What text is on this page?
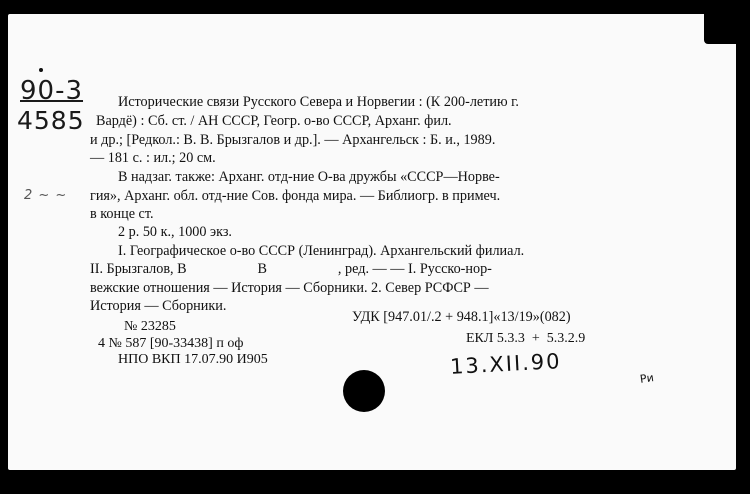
90-3
4585
2 ~ ~
Исторические связи Русского Севера и Норвегии : (К 200-летию г.
Вардё) : Сб. ст. / АН СССР, Геогр. о-во СССР, Арханг. фил.
и др.; [Редкол.: В. В. Брызгалов и др.]. — Архангельск : Б. и., 1989.
— 181 с. : ил.; 20 см.
В надзаг. также: Арханг. отд-ние О-ва дружбы «СССР—Норве-
гия», Арханг. обл. отд-ние Сов. фонда мира. — Библиогр. в примеч.
в конце ст.
2 р. 50 к., 1000 экз.
I. Географическое о-во СССР (Ленинград). Архангельский филиал.
II. Брызгалов, В                    В                    , ред. — — I. Русско-нор-
вежские отношения — История — Сборники. 2. Север РСФСР —
История — Сборники.
УДК [947.01/.2 + 948.1]«13/19»(082)
№ 23285
4 № 587 [90-33438] п оф
НПО ВКП 17.07.90 И905
ЕКЛ 5.3.3  +  5.3.2.9
13.XII.90	Ри
